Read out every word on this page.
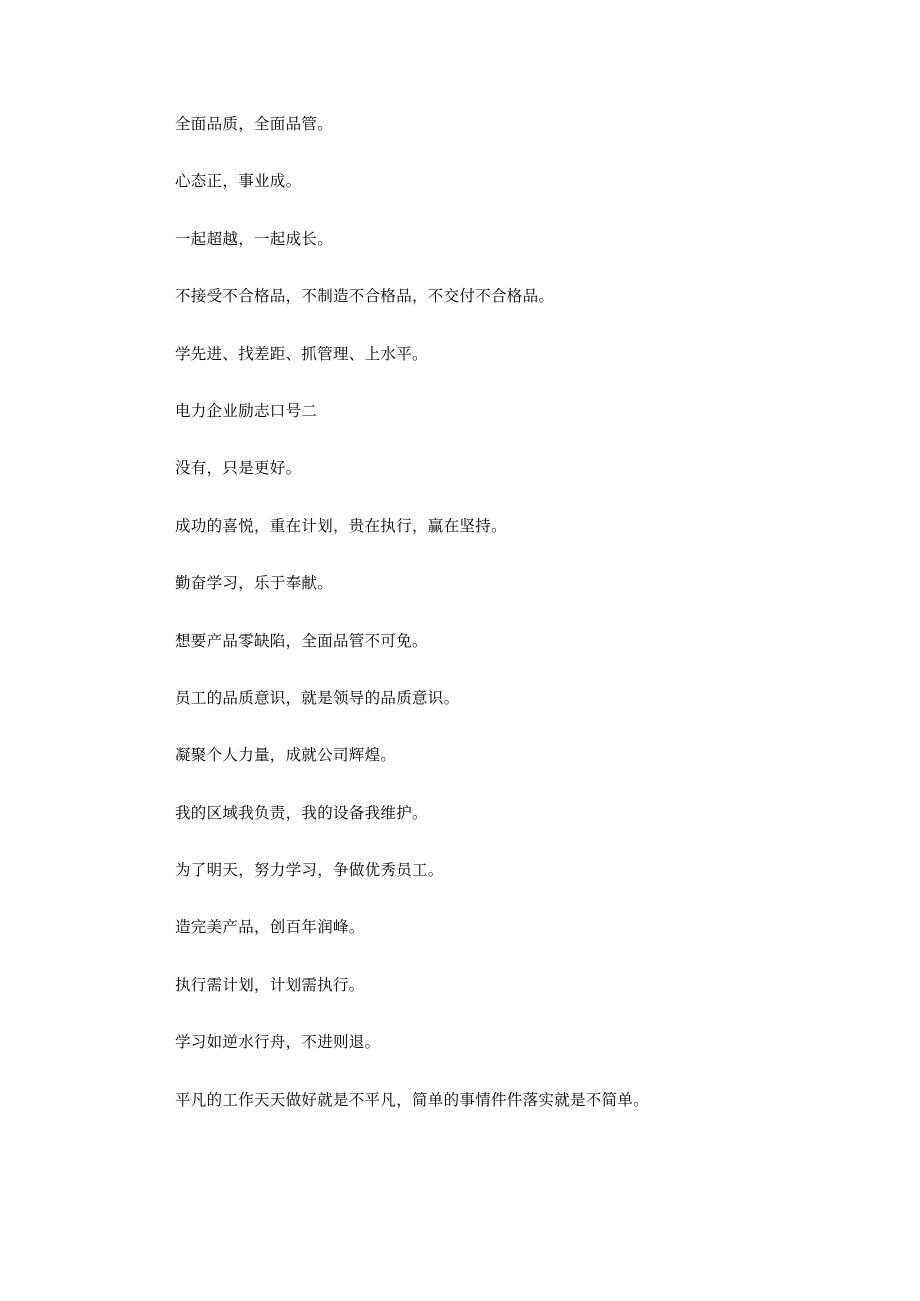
全面品质，全面品管。
心态正，事业成。
一起超越，一起成长。
不接受不合格品，不制造不合格品，不交付不合格品。
学先进、找差距、抓管理、上水平。
电力企业励志口号二
没有，只是更好。
成功的喜悦，重在计划，贵在执行，赢在坚持。
勤奋学习，乐于奉献。
想要产品零缺陷，全面品管不可免。
员工的品质意识，就是领导的品质意识。
凝聚个人力量，成就公司辉煌。
我的区域我负责，我的设备我维护。
为了明天，努力学习，争做优秀员工。
造完美产品，创百年润峰。
执行需计划，计划需执行。
学习如逆水行舟，不进则退。
平凡的工作天天做好就是不平凡，简单的事情件件落实就是不简单。
